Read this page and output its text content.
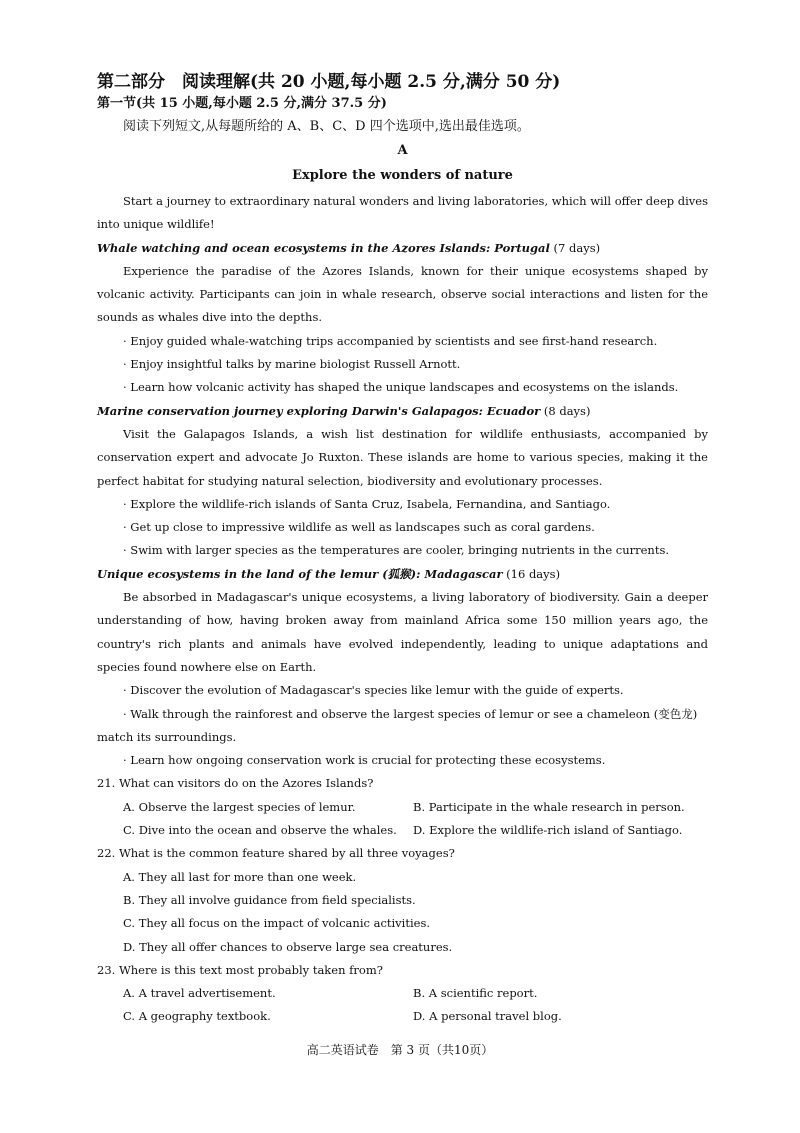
第二部分　阅读理解(共 20 小题,每小题 2.5 分,满分 50 分)

第一节(共 15 小题,每小题 2.5 分,满分 37.5 分)

阅读下列短文,从每题所给的 A、B、C、D 四个选项中,选出最佳选项。

A

Explore the wonders of nature

Start a journey to extraordinary natural wonders and living laboratories, which will offer deep dives into unique wildlife!

Whale watching and ocean ecosystems in the Azores Islands: Portugal (7 days)

Experience the paradise of the Azores Islands, known for their unique ecosystems shaped by volcanic activity. Participants can join in whale research, observe social interactions and listen for the sounds as whales dive into the depths.

· Enjoy guided whale-watching trips accompanied by scientists and see first-hand research.

· Enjoy insightful talks by marine biologist Russell Arnott.

· Learn how volcanic activity has shaped the unique landscapes and ecosystems on the islands.

Marine conservation journey exploring Darwin's Galapagos: Ecuador (8 days)

Visit the Galapagos Islands, a wish list destination for wildlife enthusiasts, accompanied by conservation expert and advocate Jo Ruxton. These islands are home to various species, making it the perfect habitat for studying natural selection, biodiversity and evolutionary processes.

· Explore the wildlife-rich islands of Santa Cruz, Isabela, Fernandina, and Santiago.

· Get up close to impressive wildlife as well as landscapes such as coral gardens.

· Swim with larger species as the temperatures are cooler, bringing nutrients in the currents.

Unique ecosystems in the land of the lemur (狐猴): Madagascar (16 days)

Be absorbed in Madagascar's unique ecosystems, a living laboratory of biodiversity. Gain a deeper understanding of how, having broken away from mainland Africa some 150 million years ago, the country's rich plants and animals have evolved independently, leading to unique adaptations and species found nowhere else on Earth.

· Discover the evolution of Madagascar's species like lemur with the guide of experts.

· Walk through the rainforest and observe the largest species of lemur or see a chameleon (变色龙) match its surroundings.

· Learn how ongoing conservation work is crucial for protecting these ecosystems.

21. What can visitors do on the Azores Islands?

A. Observe the largest species of lemur.	B. Participate in the whale research in person.
C. Dive into the ocean and observe the whales.	D. Explore the wildlife-rich island of Santiago.

22. What is the common feature shared by all three voyages?

A. They all last for more than one week.
B. They all involve guidance from field specialists.
C. They all focus on the impact of volcanic activities.
D. They all offer chances to observe large sea creatures.

23. Where is this text most probably taken from?

A. A travel advertisement.	B. A scientific report.
C. A geography textbook.	D. A personal travel blog.
高二英语试卷　第 3 页（共10页）
